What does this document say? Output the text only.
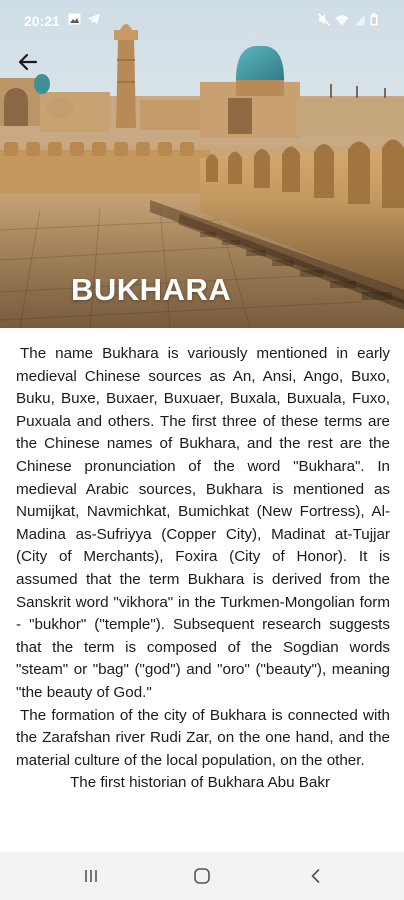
BUKHARA
20:21

The name Bukhara is variously mentioned in early medieval Chinese sources as An, Ansi, Ango, Buxo, Buku, Buxe, Buxaer, Buxuaer, Buxala, Buxuala, Fuxo, Puxuala and others. The first three of these terms are the Chinese names of Bukhara, and the rest are the Chinese pronunciation of the word "Bukhara". In medieval Arabic sources, Bukhara is mentioned as Numijkat, Navmichkat, Bumichkat (New Fortress), Al-Madina as-Sufriyya (Copper City), Madinat at-Tujjar (City of Merchants), Foxira (City of Honor). It is assumed that the term Bukhara is derived from the Sanskrit word "vikhora" in the Turkmen-Mongolian form - "bukhor" ("temple"). Subsequent research suggests that the term is composed of the Sogdian words "steam" or "bag" ("god") and "oro" ("beauty"), meaning "the beauty of God."

The formation of the city of Bukhara is connected with the Zarafshan river Rudi Zar, on the one hand, and the material culture of the local population, on the other.

The first historian of Bukhara Abu Bakr
